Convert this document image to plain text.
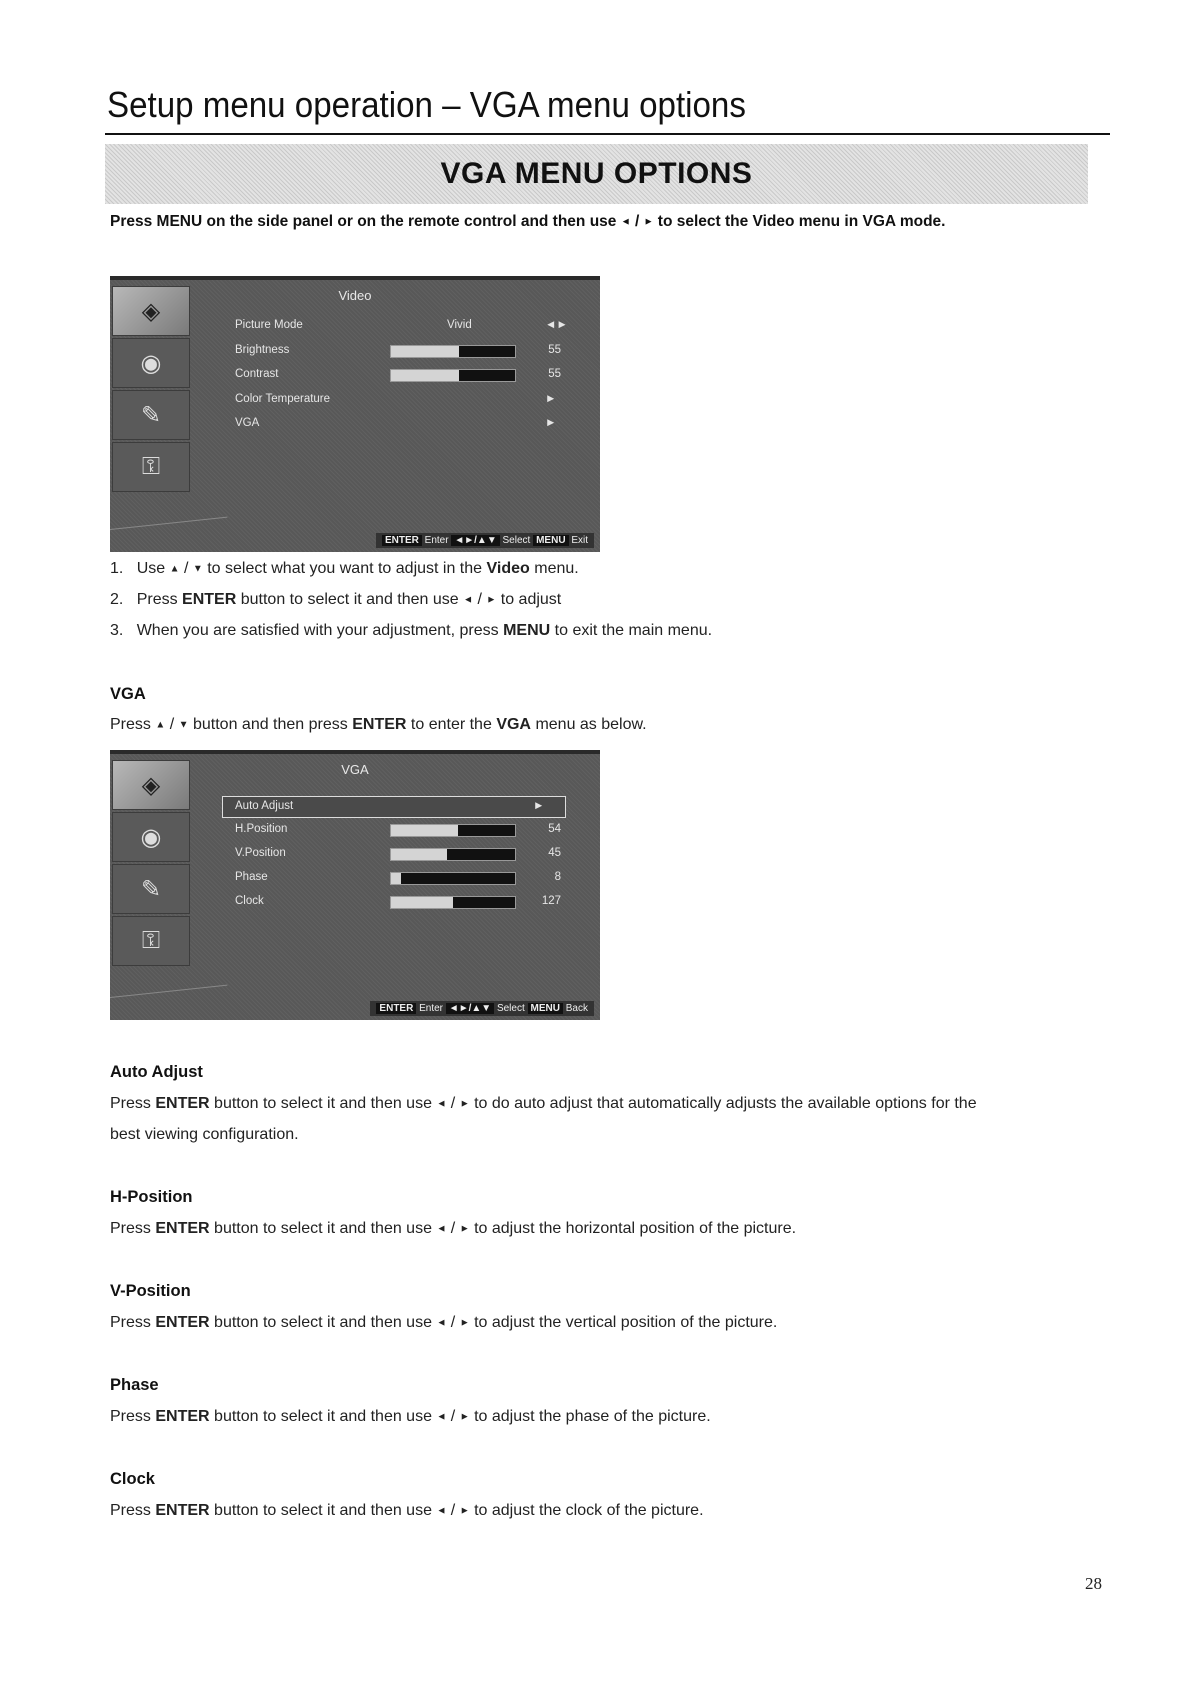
Setup menu operation – VGA menu options
VGA MENU OPTIONS
Press MENU on the side panel or on the remote control and then use ◄ / ► to select the Video menu in VGA mode.
Video
◈
◉
✎
⚿
Picture Mode	Vivid	◄►
Brightness	55
Contrast	55
Color Temperature	►
VGA	►
ENTER Enter ◄►/▲▼ Select MENU Exit
1. Use ▲ / ▼ to select what you want to adjust in the Video menu.
2. Press ENTER button to select it and then use ◄ / ► to adjust
3. When you are satisfied with your adjustment, press MENU to exit the main menu.
VGA
Press ▲ / ▼ button and then press ENTER to enter the VGA menu as below.
VGA
◈
◉
✎
⚿
Auto Adjust	►
H.Position	54
V.Position	45
Phase	8
Clock	127
ENTER Enter ◄►/▲▼ Select MENU Back
Auto Adjust
Press ENTER button to select it and then use ◄ / ► to do auto adjust that automatically adjusts the available options for the
best viewing configuration.
H-Position
Press ENTER button to select it and then use ◄ / ► to adjust the horizontal position of the picture.
V-Position
Press ENTER button to select it and then use ◄ / ► to adjust the vertical position of the picture.
Phase
Press ENTER button to select it and then use ◄ / ► to adjust the phase of the picture.
Clock
Press ENTER button to select it and then use ◄ / ► to adjust the clock of the picture.
28
